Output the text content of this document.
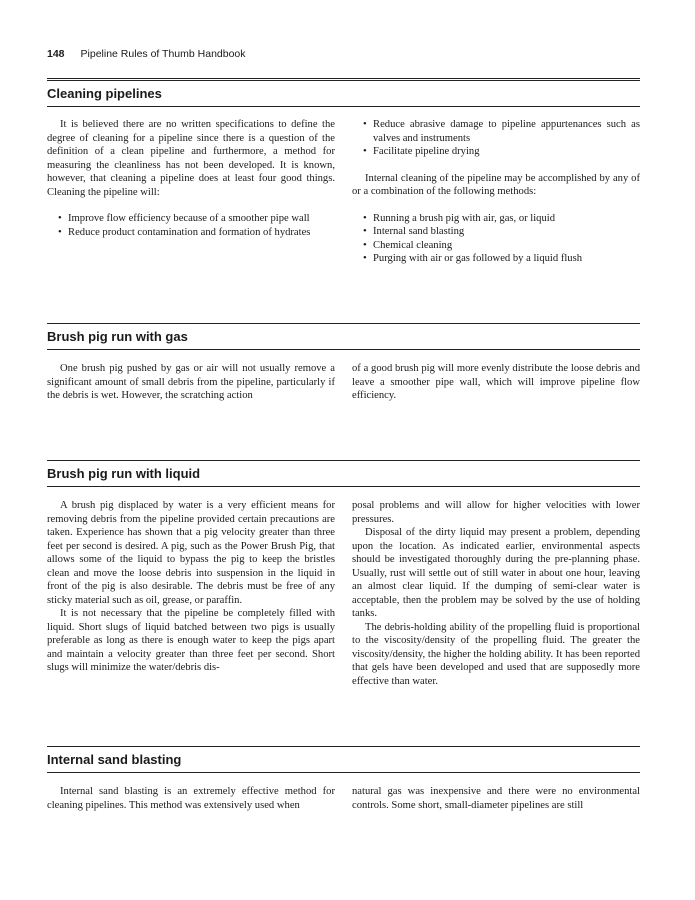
148 Pipeline Rules of Thumb Handbook
Cleaning pipelines

It is believed there are no written specifications to define the degree of cleaning for a pipeline since there is a question of the definition of a clean pipeline and furthermore, a method for measuring the cleanliness has not been developed. It is known, however, that cleaning a pipeline does at least four good things. Cleaning the pipeline will:

• Improve flow efficiency because of a smoother pipe wall
• Reduce product contamination and formation of hydrates
• Reduce abrasive damage to pipeline appurtenances such as valves and instruments
• Facilitate pipeline drying

Internal cleaning of the pipeline may be accomplished by any of or a combination of the following methods:

• Running a brush pig with air, gas, or liquid
• Internal sand blasting
• Chemical cleaning
• Purging with air or gas followed by a liquid flush
Brush pig run with gas

One brush pig pushed by gas or air will not usually remove a significant amount of small debris from the pipeline, particularly if the debris is wet. However, the scratching action

of a good brush pig will more evenly distribute the loose debris and leave a smoother pipe wall, which will improve pipeline flow efficiency.

Brush pig run with liquid

A brush pig displaced by water is a very efficient means for removing debris from the pipeline provided certain precautions are taken. Experience has shown that a pig velocity greater than three feet per second is desired. A pig, such as the Power Brush Pig, that allows some of the liquid to bypass the pig to keep the bristles clean and move the loose debris into suspension in the liquid in front of the pig is also desirable. The debris must be free of any sticky material such as oil, grease, or paraffin.

It is not necessary that the pipeline be completely filled with liquid. Short slugs of liquid batched between two pigs is usually preferable as long as there is enough water to keep the pigs apart and maintain a velocity greater than three feet per second. Short slugs will minimize the water/debris dis-

posal problems and will allow for higher velocities with lower pressures.

Disposal of the dirty liquid may present a problem, depending upon the location. As indicated earlier, environmental aspects should be investigated thoroughly during the pre-planning phase. Usually, rust will settle out of still water in about one hour, leaving an almost clear liquid. If the dumping of semi-clear water is acceptable, then the problem may be solved by the use of holding tanks.

The debris-holding ability of the propelling fluid is proportional to the viscosity/density of the propelling fluid. The greater the viscosity/density, the higher the holding ability. It has been reported that gels have been developed and used that are supposedly more effective than water.

Internal sand blasting

Internal sand blasting is an extremely effective method for cleaning pipelines. This method was extensively used when

natural gas was inexpensive and there were no environmental controls. Some short, small-diameter pipelines are still
